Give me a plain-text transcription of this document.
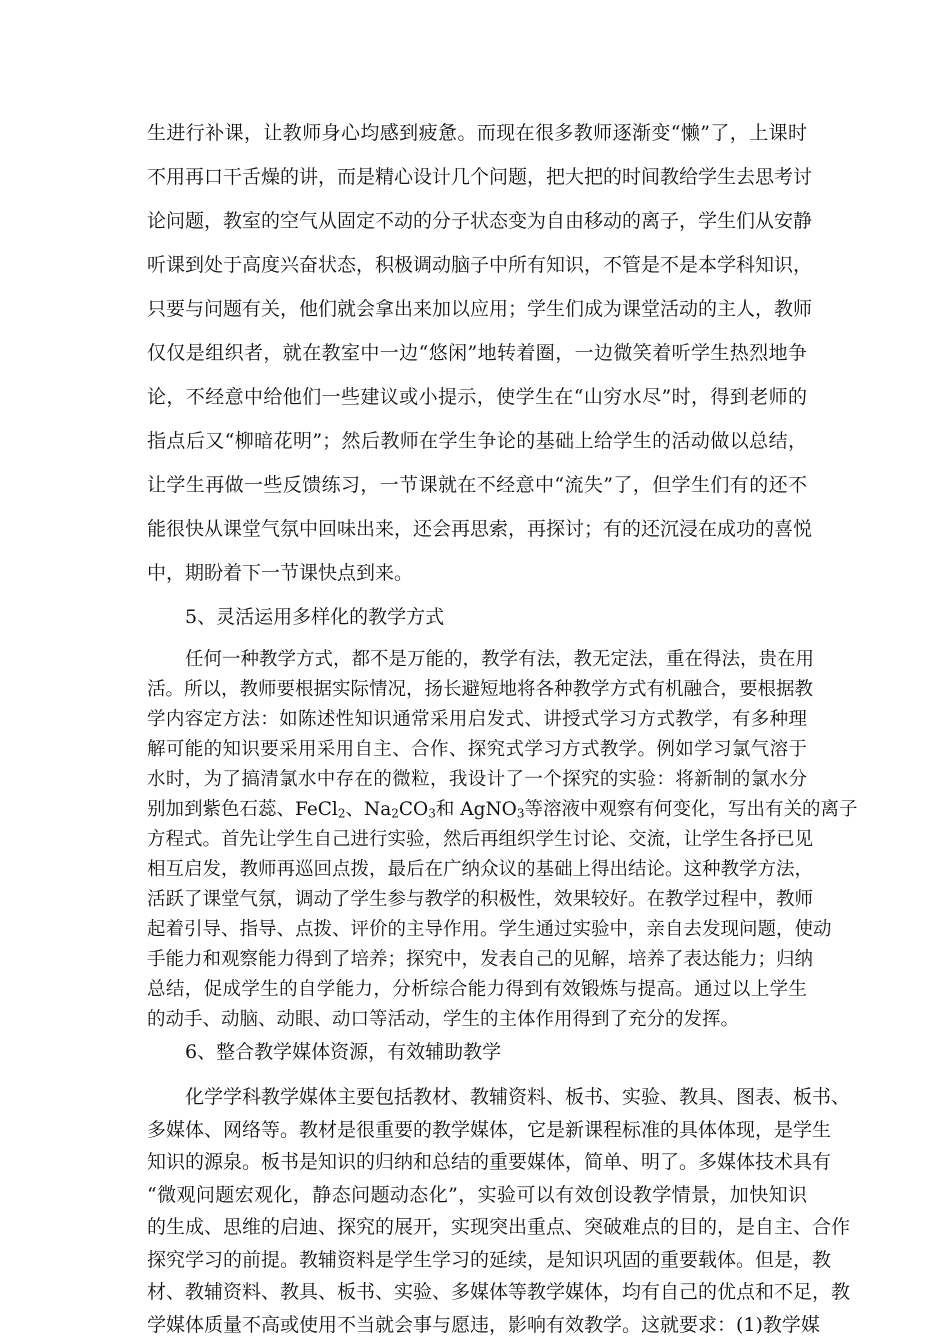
生进行补课，让教师身心均感到疲惫。而现在很多教师逐渐变“懒”了，上课时
不用再口干舌燥的讲，而是精心设计几个问题，把大把的时间教给学生去思考讨
论问题，教室的空气从固定不动的分子状态变为自由移动的离子，学生们从安静
听课到处于高度兴奋状态，积极调动脑子中所有知识，不管是不是本学科知识，
只要与问题有关，他们就会拿出来加以应用；学生们成为课堂活动的主人，教师
仅仅是组织者，就在教室中一边“悠闲”地转着圈，一边微笑着听学生热烈地争
论，不经意中给他们一些建议或小提示，使学生在“山穷水尽”时，得到老师的
指点后又“柳暗花明”；然后教师在学生争论的基础上给学生的活动做以总结，
让学生再做一些反馈练习，一节课就在不经意中“流失”了，但学生们有的还不
能很快从课堂气氛中回味出来，还会再思索，再探讨；有的还沉浸在成功的喜悦
中，期盼着下一节课快点到来。
5、灵活运用多样化的教学方式
任何一种教学方式，都不是万能的，教学有法，教无定法，重在得法，贵在用
活。所以，教师要根据实际情况，扬长避短地将各种教学方式有机融合，要根据教
学内容定方法：如陈述性知识通常采用启发式、讲授式学习方式教学，有多种理
解可能的知识要采用采用自主、合作、探究式学习方式教学。例如学习氯气溶于
水时，为了搞清氯水中存在的微粒，我设计了一个探究的实验：将新制的氯水分
别加到紫色石蕊、FeCl$_2$、$Na_2CO_3$和 AgNO$_3$等溶液中观察有何变化，写出有关的离子
方程式。首先让学生自己进行实验，然后再组织学生讨论、交流，让学生各抒已见
相互启发，教师再巡回点拨，最后在广纳众议的基础上得出结论。这种教学方法，
活跃了课堂气氛，调动了学生参与教学的积极性，效果较好。在教学过程中，教师
起着引导、指导、点拨、评价的主导作用。学生通过实验中，亲自去发现问题，使动
手能力和观察能力得到了培养；探究中，发表自己的见解，培养了表达能力；归纳
总结，促成学生的自学能力，分析综合能力得到有效锻炼与提高。通过以上学生
的动手、动脑、动眼、动口等活动，学生的主体作用得到了充分的发挥。
6、整合教学媒体资源，有效辅助教学
化学学科教学媒体主要包括教材、教辅资料、板书、实验、教具、图表、板书、
多媒体、网络等。教材是很重要的教学媒体，它是新课程标准的具体体现，是学生
知识的源泉。板书是知识的归纳和总结的重要媒体，简单、明了。多媒体技术具有
“微观问题宏观化，静态问题动态化”，实验可以有效创设教学情景，加快知识
的生成、思维的启迪、探究的展开，实现突出重点、突破难点的目的，是自主、合作
探究学习的前提。教辅资料是学生学习的延续，是知识巩固的重要载体。但是，教
材、教辅资料、教具、板书、实验、多媒体等教学媒体，均有自己的优点和不足，教
学媒体质量不高或使用不当就会事与愿违，影响有效教学。这就要求：(1)教学媒
